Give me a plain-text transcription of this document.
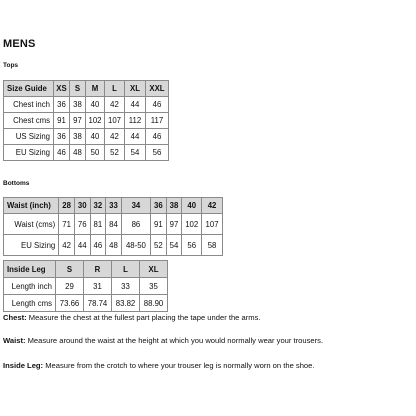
MENS
Tops
Size Guide	XS	S	M	L	XL	XXL
Chest inch	36	38	40	42	44	46
Chest cms	91	97	102	107	112	117
US Sizing	36	38	40	42	44	46
EU Sizing	46	48	50	52	54	56
Bottoms
Waist (inch)	28	30	32	33	34	36	38	40	42
Waist (cms)	71	76	81	84	86	91	97	102	107
EU Sizing	42	44	46	48	48-50	52	54	56	58
Inside Leg	S	R	L	XL
Length inch	29	31	33	35
Length cms	73.66	78.74	83.82	88.90
Chest: Measure the chest at the fullest part placing the tape under the arms.
Waist: Measure around the waist at the height at which you would normally wear your trousers.
Inside Leg: Measure from the crotch to where your trouser leg is normally worn on the shoe.
